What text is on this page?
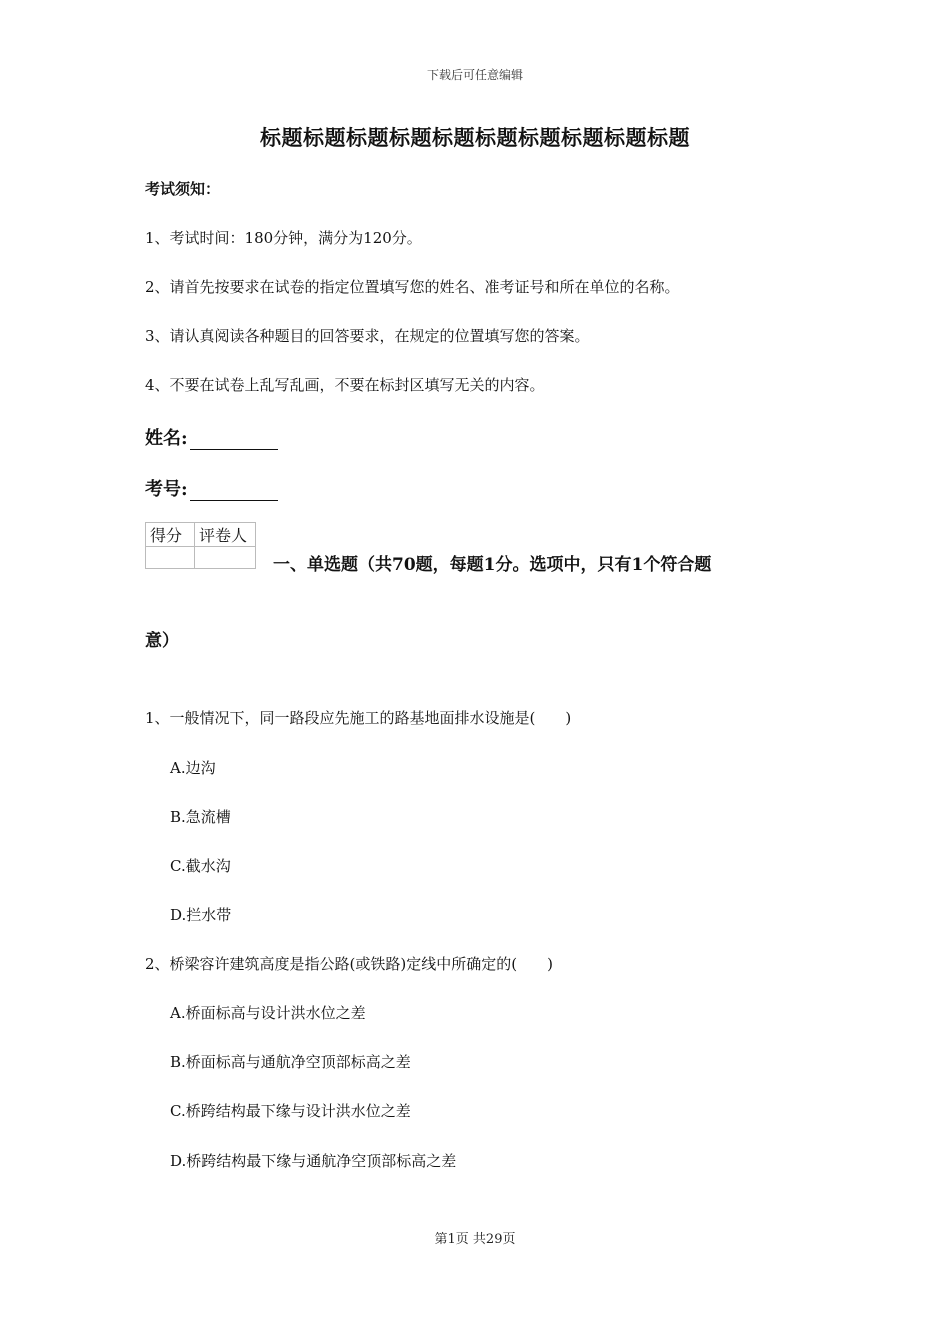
下载后可任意编辑
标题标题标题标题标题标题标题标题标题标题
考试须知：
1、考试时间：180分钟，满分为120分。
2、请首先按要求在试卷的指定位置填写您的姓名、准考证号和所在单位的名称。
3、请认真阅读各种题目的回答要求，在规定的位置填写您的答案。
4、不要在试卷上乱写乱画，不要在标封区填写无关的内容。
姓名:
考号:
得分	评卷人

一、单选题（共70题，每题1分。选项中，只有1个符合题
意）
1、一般情况下，同一路段应先施工的路基地面排水设施是(　　)
A.边沟
B.急流槽
C.截水沟
D.拦水带
2、桥梁容许建筑高度是指公路(或铁路)定线中所确定的(　　)
A.桥面标高与设计洪水位之差
B.桥面标高与通航净空顶部标高之差
C.桥跨结构最下缘与设计洪水位之差
D.桥跨结构最下缘与通航净空顶部标高之差
第1页 共29页
